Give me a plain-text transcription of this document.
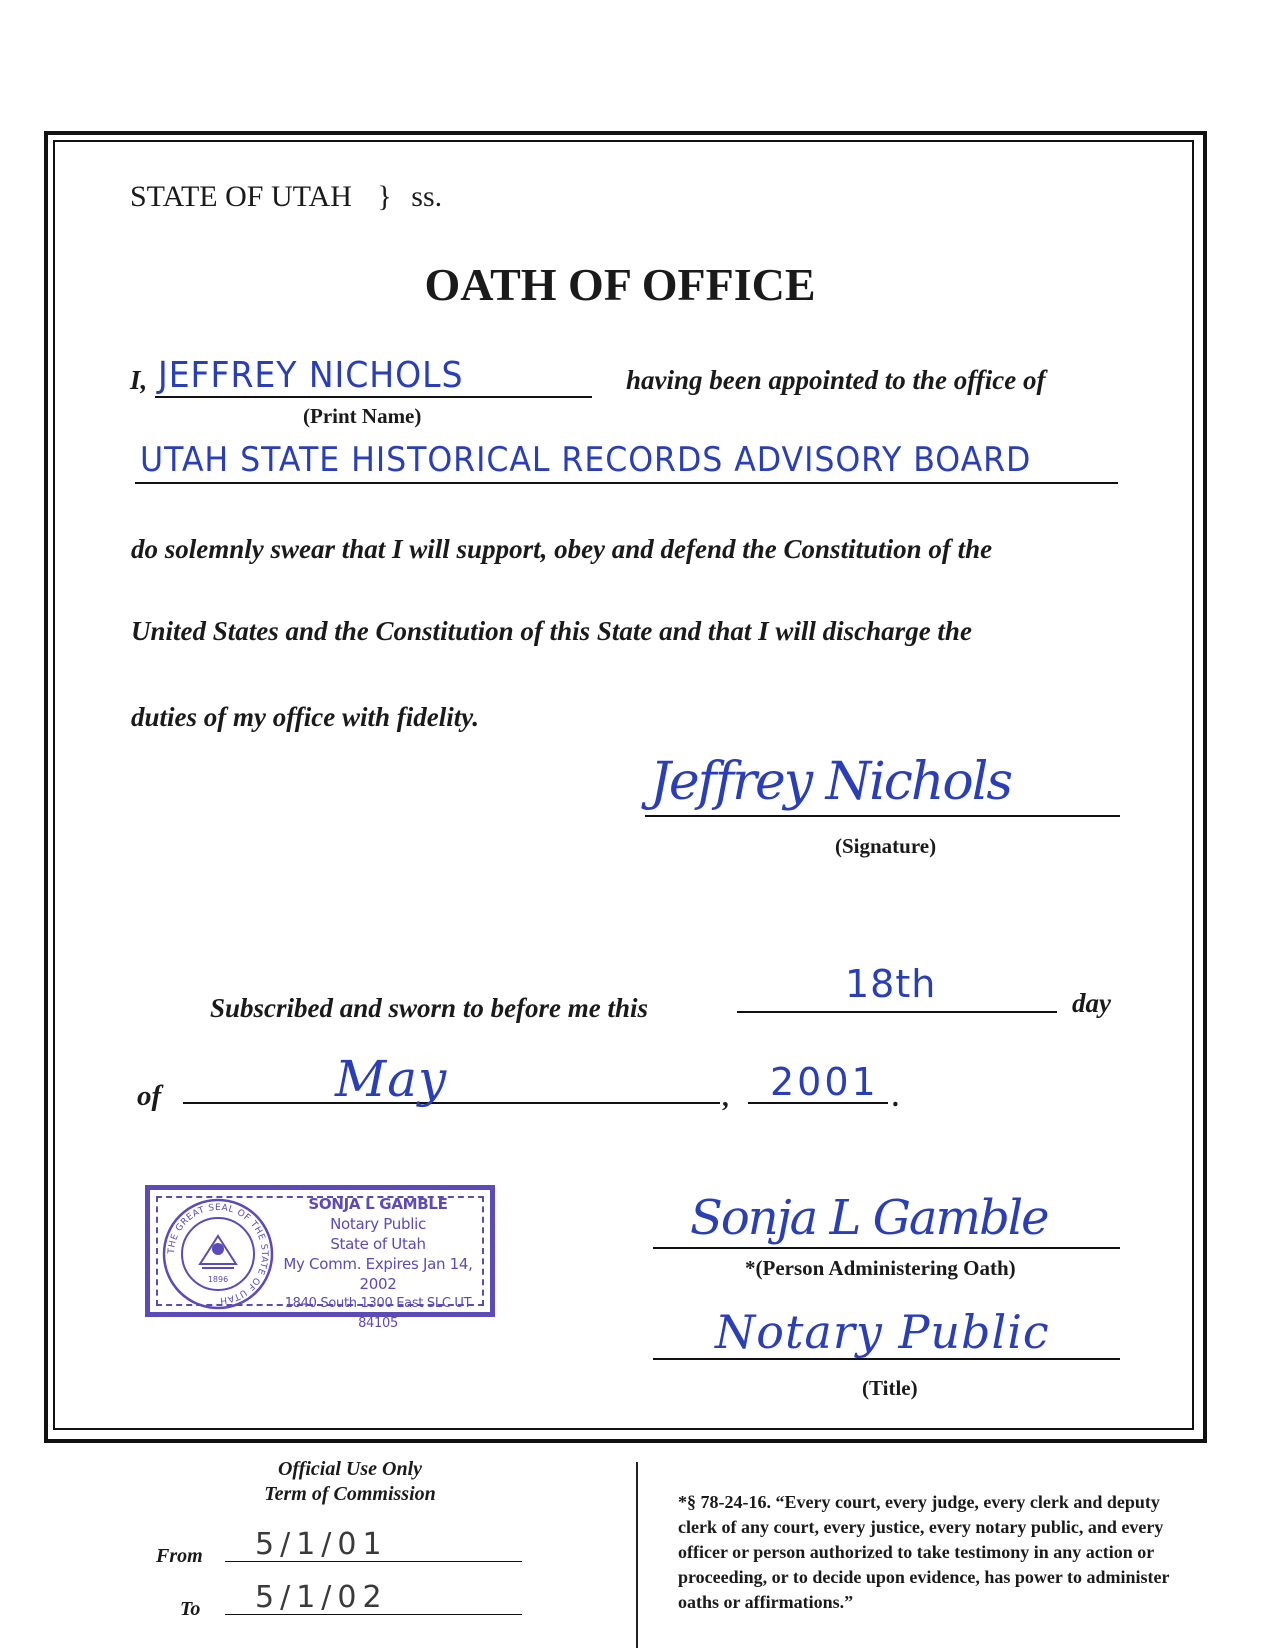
STATE OF UTAH } ss.
OATH OF OFFICE
I, JEFFREY NICHOLS
(Print Name)
having been appointed to the office of
UTAH STATE HISTORICAL RECORDS ADVISORY BOARD
do solemnly swear that I will support, obey and defend the Constitution of the
United States and the Constitution of this State and that I will discharge the
duties of my office with fidelity.
Jeffrey Nichols
(Signature)
Subscribed and sworn to before me this
18th	day
of	May	, 2001 .
THE GREAT SEAL OF THE STATE OF UTAH
1896
SONJA L GAMBLE
Notary Public
State of Utah
My Comm. Expires Jan 14, 2002
1840 South 1300 East SLC UT 84105
Sonja L Gamble
*(Person Administering Oath)
Notary Public
(Title)
Official Use Only
Term of Commission
From 5/1/01
To 5/1/02
*§ 78-24-16. “Every court, every judge, every clerk and deputy clerk of any court, every justice, every notary public, and every officer or person authorized to take testimony in any action or proceeding, or to decide upon evidence, has power to administer oaths or affirmations.”
